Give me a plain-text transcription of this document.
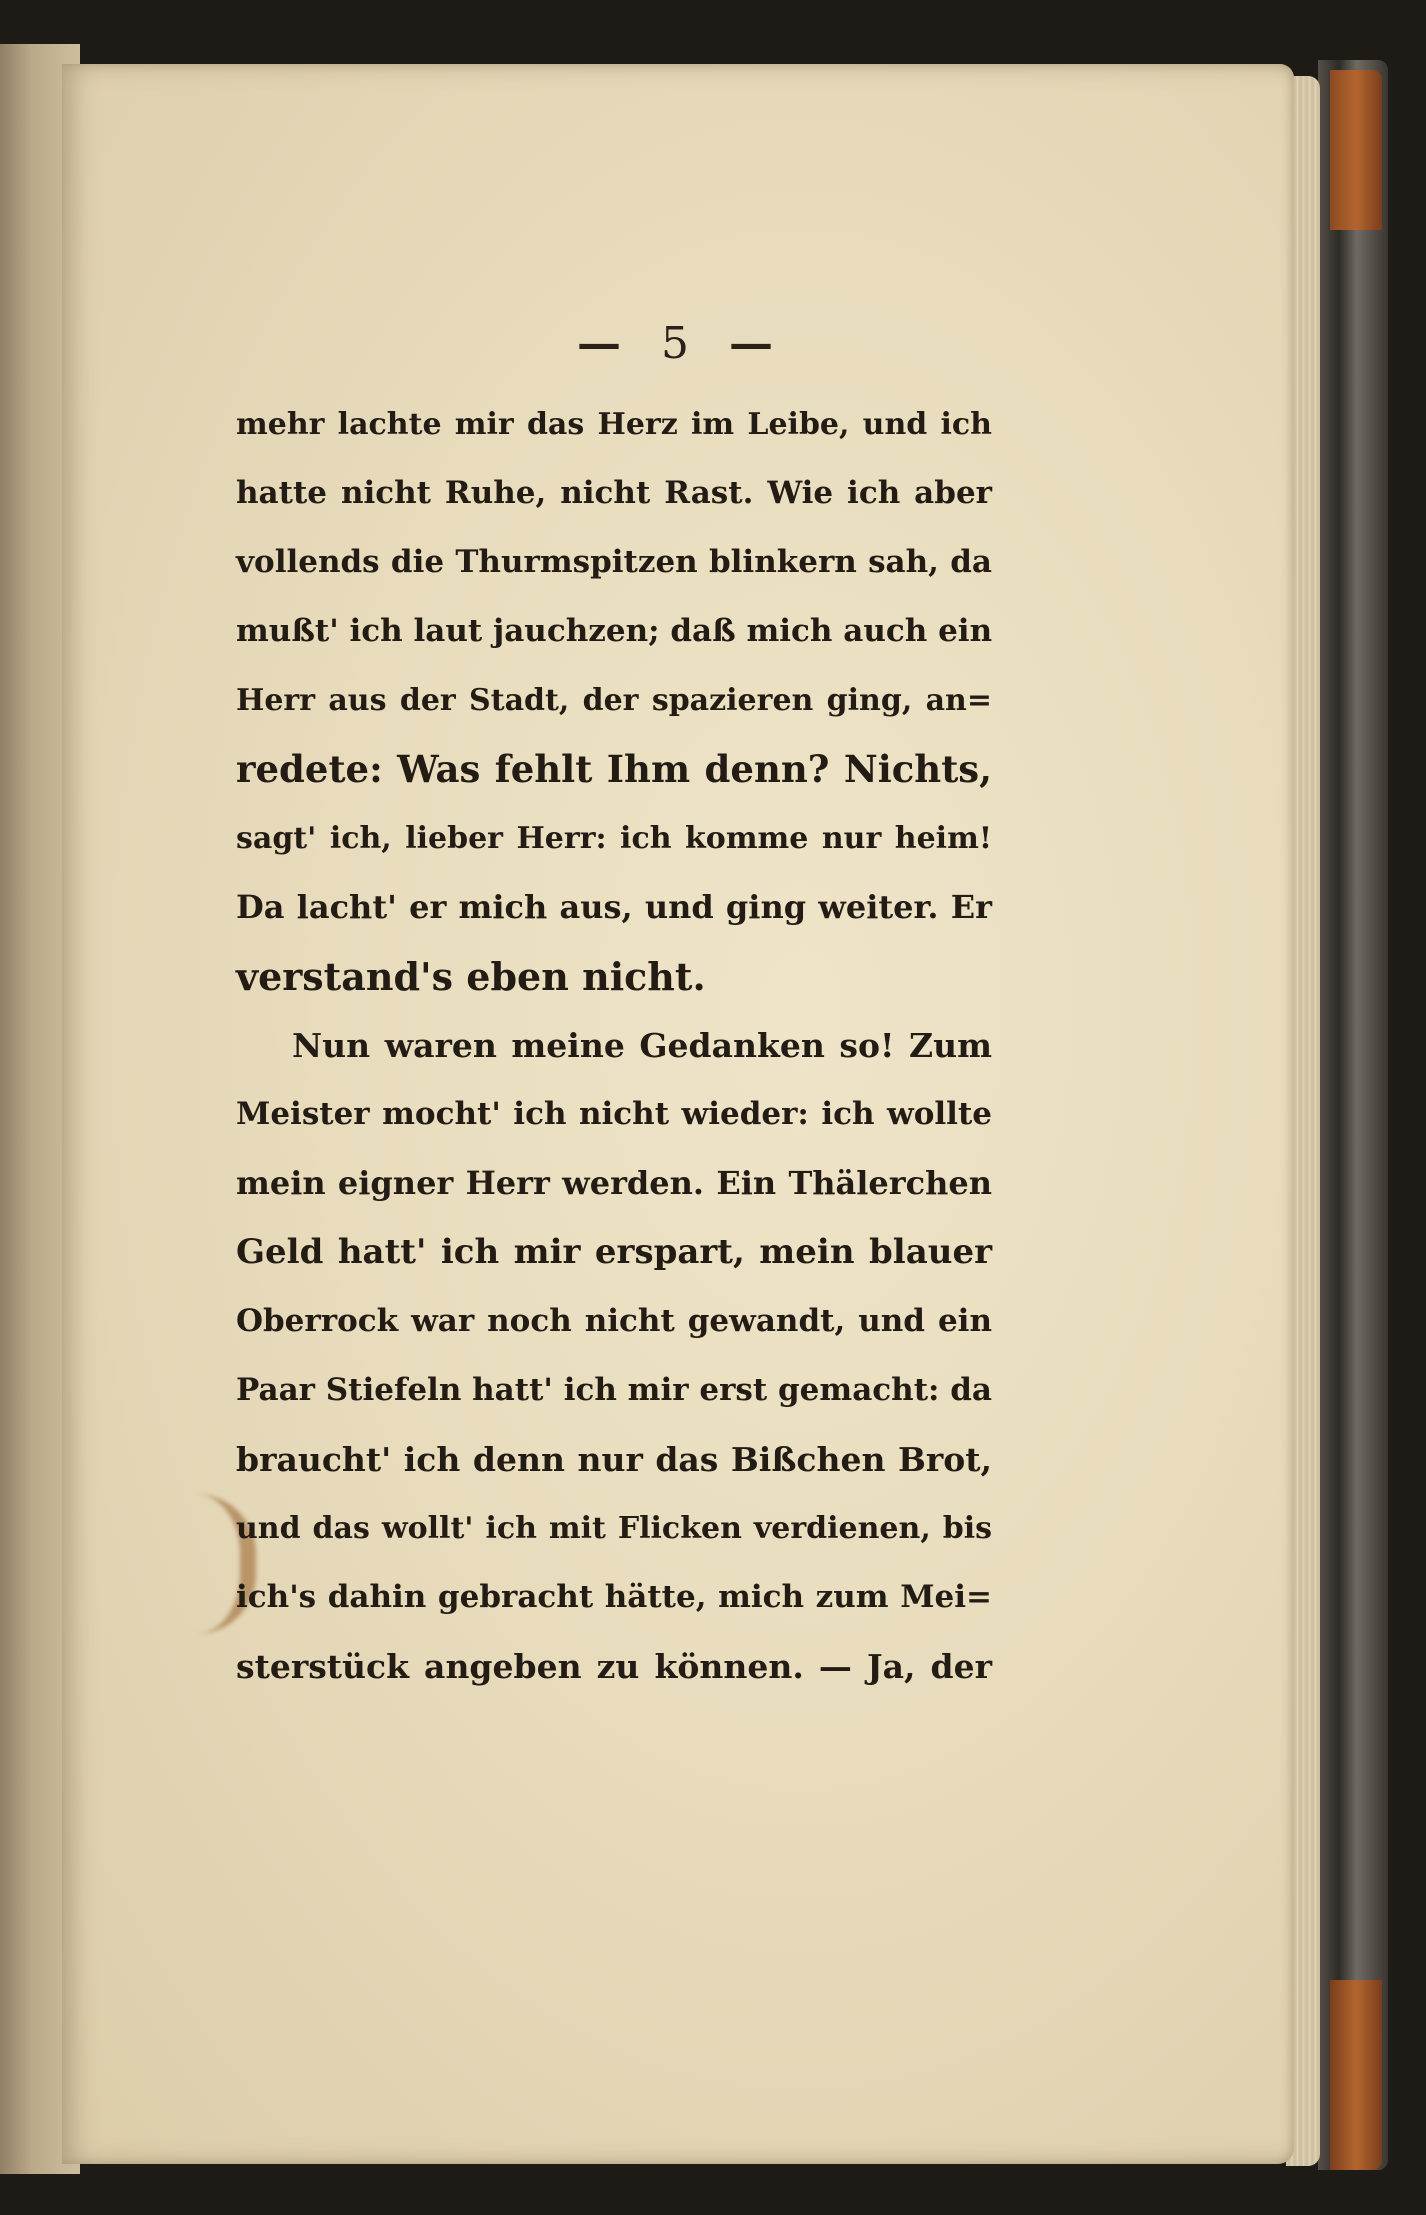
— 5 —
mehr lachte mir das Herz im Leibe, und ich
hatte nicht Ruhe, nicht Rast. Wie ich aber
vollends die Thurmspitzen blinkern sah, da
mußt' ich laut jauchzen; daß mich auch ein
Herr aus der Stadt, der spazieren ging, an=
redete: Was fehlt Ihm denn? Nichts,
sagt' ich, lieber Herr: ich komme nur heim!
Da lacht' er mich aus, und ging weiter. Er
verstand's eben nicht.
Nun waren meine Gedanken so! Zum
Meister mocht' ich nicht wieder: ich wollte
mein eigner Herr werden. Ein Thälerchen
Geld hatt' ich mir erspart, mein blauer
Oberrock war noch nicht gewandt, und ein
Paar Stiefeln hatt' ich mir erst gemacht: da
braucht' ich denn nur das Bißchen Brot,
und das wollt' ich mit Flicken verdienen, bis
ich's dahin gebracht hätte, mich zum Mei=
sterstück angeben zu können. — Ja, der
